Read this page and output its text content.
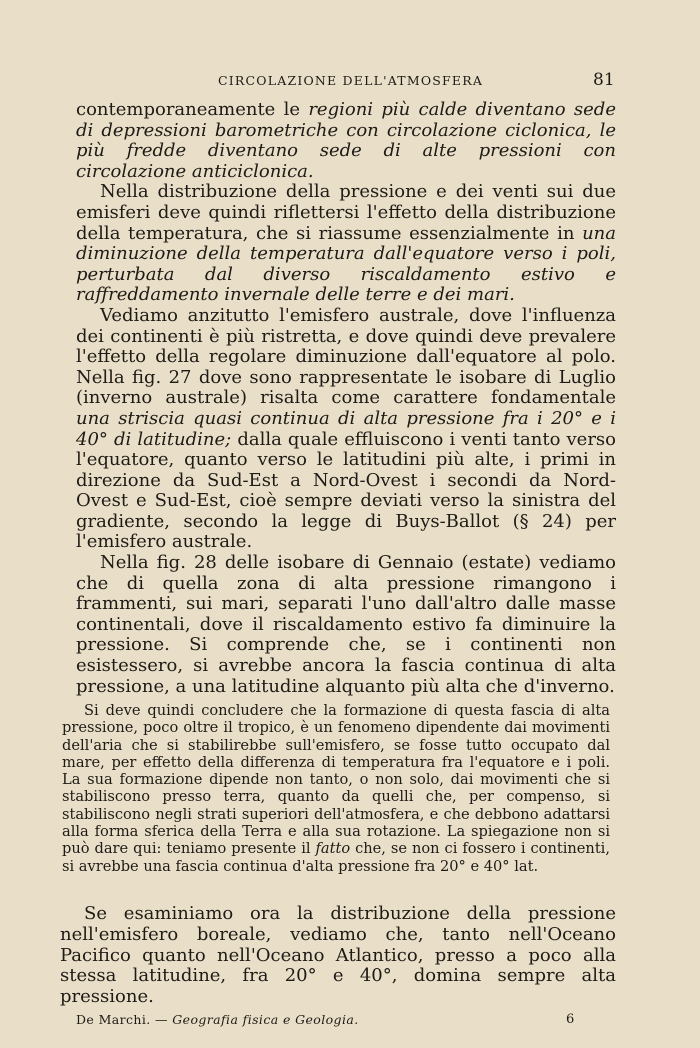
CIRCOLAZIONE DELL'ATMOSFERA	81

contemporaneamente le regioni più calde diventano sede di depressioni barometriche con circolazione ciclonica, le più fredde diventano sede di alte pressioni con circolazione anticiclonica.

Nella distribuzione della pressione e dei venti sui due emisferi deve quindi riflettersi l'effetto della distribuzione della temperatura, che si riassume essenzialmente in una diminuzione della temperatura dall'equatore verso i poli, perturbata dal diverso riscaldamento estivo e raffreddamento invernale delle terre e dei mari.

Vediamo anzitutto l'emisfero australe, dove l'influenza dei continenti è più ristretta, e dove quindi deve prevalere l'effetto della regolare diminuzione dall'equatore al polo. Nella fig. 27 dove sono rappresentate le isobare di Luglio (inverno australe) risalta come carattere fondamentale una striscia quasi continua di alta pressione fra i 20° e i 40° di latitudine; dalla quale effluiscono i venti tanto verso l'equatore, quanto verso le latitudini più alte, i primi in direzione da Sud-Est a Nord-Ovest i secondi da Nord-Ovest e Sud-Est, cioè sempre deviati verso la sinistra del gradiente, secondo la legge di Buys-Ballot (§ 24) per l'emisfero australe.

Nella fig. 28 delle isobare di Gennaio (estate) vediamo che di quella zona di alta pressione rimangono i frammenti, sui mari, separati l'uno dall'altro dalle masse continentali, dove il riscaldamento estivo fa diminuire la pressione. Si comprende che, se i continenti non esistessero, si avrebbe ancora la fascia continua di alta pressione, a una latitudine alquanto più alta che d'inverno.

Si deve quindi concludere che la formazione di questa fascia di alta pressione, poco oltre il tropico, è un fenomeno dipendente dai movimenti dell'aria che si stabilirebbe sull'emisfero, se fosse tutto occupato dal mare, per effetto della differenza di temperatura fra l'equatore e i poli. La sua formazione dipende non tanto, o non solo, dai movimenti che si stabiliscono presso terra, quanto da quelli che, per compenso, si stabiliscono negli strati superiori dell'atmosfera, e che debbono adattarsi alla forma sferica della Terra e alla sua rotazione. La spiegazione non si può dare qui: teniamo presente il fatto che, se non ci fossero i continenti, si avrebbe una fascia continua d'alta pressione fra 20° e 40° lat.

Se esaminiamo ora la distribuzione della pressione nell'emisfero boreale, vediamo che, tanto nell'Oceano Pacifico quanto nell'Oceano Atlantico, presso a poco alla stessa latitudine, fra 20° e 40°, domina sempre alta pressione.

De Marchi. — Geografia fisica e Geologia.	6
